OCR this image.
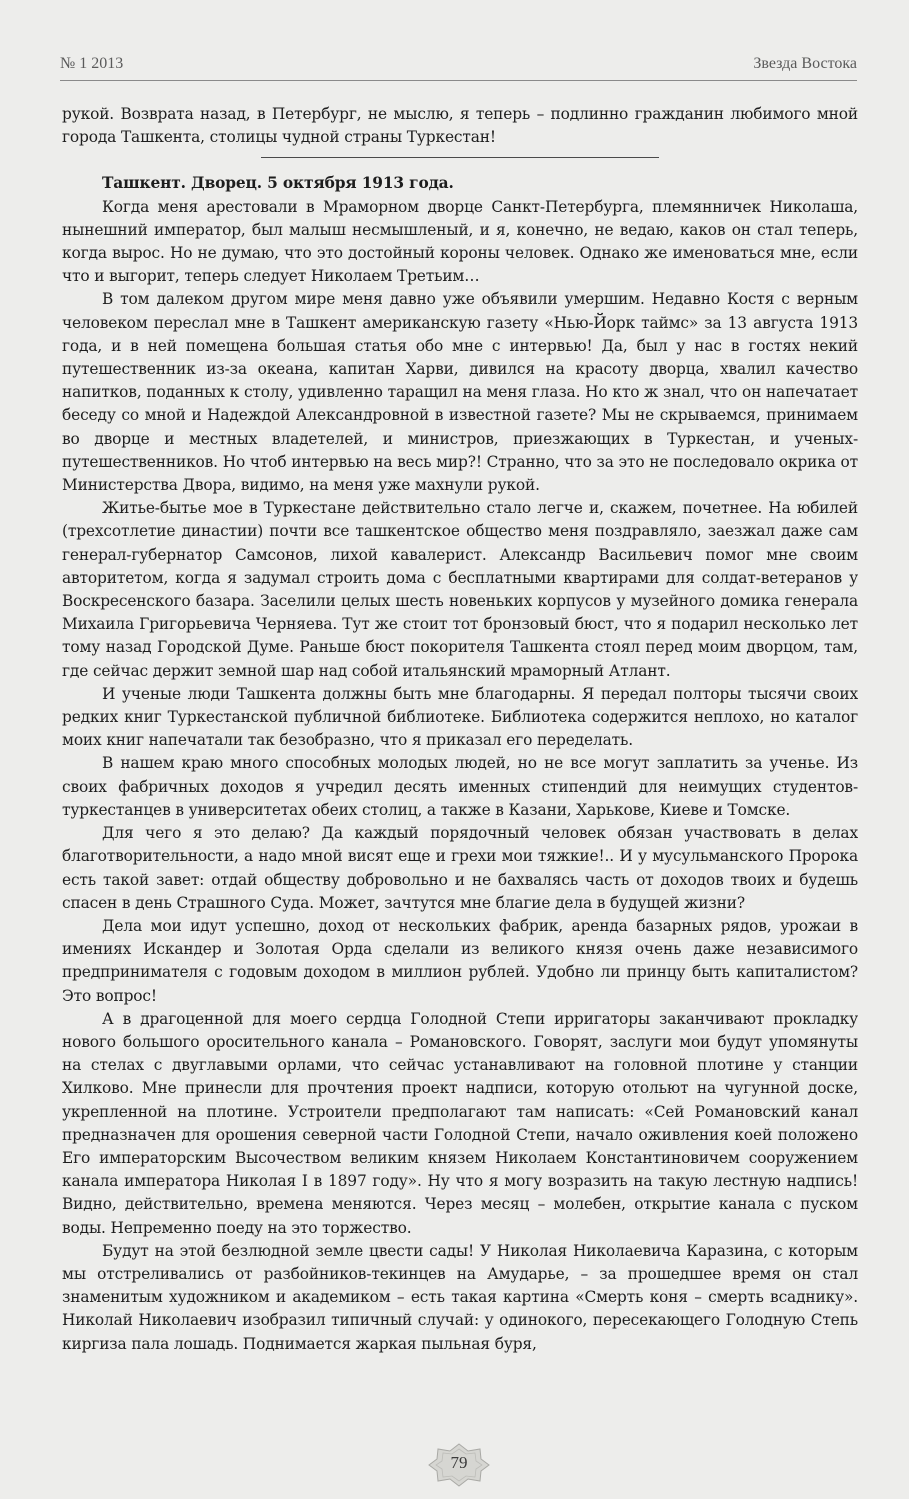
№ 1 2013	Звезда Востока

рукой. Возврата назад, в Петербург, не мыслю, я теперь – подлинно гражданин любимого мной города Ташкента, столицы чудной страны Туркестан!

Ташкент. Дворец. 5 октября 1913 года.

Когда меня арестовали в Мраморном дворце Санкт-Петербурга, племянничек Николаша, нынешний император, был малыш несмышленый, и я, конечно, не ведаю, каков он стал теперь, когда вырос. Но не думаю, что это достойный короны человек. Однако же именоваться мне, если что и выгорит, теперь следует Николаем Третьим…

В том далеком другом мире меня давно уже объявили умершим. Недавно Костя с верным человеком переслал мне в Ташкент американскую газету «Нью-Йорк таймс» за 13 августа 1913 года, и в ней помещена большая статья обо мне с интервью! Да, был у нас в гостях некий путешественник из-за океана, капитан Харви, дивился на красоту дворца, хвалил качество напитков, поданных к столу, удивленно таращил на меня глаза. Но кто ж знал, что он напечатает беседу со мной и Надеждой Александровной в известной газете? Мы не скрываемся, принимаем во дворце и местных владетелей, и министров, приезжающих в Туркестан, и ученых-путешественников. Но чтоб интервью на весь мир?! Странно, что за это не последовало окрика от Министерства Двора, видимо, на меня уже махнули рукой.

Житье-бытье мое в Туркестане действительно стало легче и, скажем, почетнее. На юбилей (трехсотлетие династии) почти все ташкентское общество меня поздравляло, заезжал даже сам генерал-губернатор Самсонов, лихой кавалерист. Александр Васильевич помог мне своим авторитетом, когда я задумал строить дома с бесплатными квартирами для солдат-ветеранов у Воскресенского базара. Заселили целых шесть новеньких корпусов у музейного домика генерала Михаила Григорьевича Черняева. Тут же стоит тот бронзовый бюст, что я подарил несколько лет тому назад Городской Думе. Раньше бюст покорителя Ташкента стоял перед моим дворцом, там, где сейчас держит земной шар над собой итальянский мраморный Атлант.

И ученые люди Ташкента должны быть мне благодарны. Я передал полторы тысячи своих редких книг Туркестанской публичной библиотеке. Библиотека содержится неплохо, но каталог моих книг напечатали так безобразно, что я приказал его переделать.

В нашем краю много способных молодых людей, но не все могут заплатить за ученье. Из своих фабричных доходов я учредил десять именных стипендий для неимущих студентов-туркестанцев в университетах обеих столиц, а также в Казани, Харькове, Киеве и Томске.

Для чего я это делаю? Да каждый порядочный человек обязан участвовать в делах благотворительности, а надо мной висят еще и грехи мои тяжкие!.. И у мусульманского Пророка есть такой завет: отдай обществу добровольно и не бахвалясь часть от доходов твоих и будешь спасен в день Страшного Суда. Может, зачтутся мне благие дела в будущей жизни?

Дела мои идут успешно, доход от нескольких фабрик, аренда базарных рядов, урожаи в имениях Искандер и Золотая Орда сделали из великого князя очень даже независимого предпринимателя с годовым доходом в миллион рублей. Удобно ли принцу быть капиталистом? Это вопрос!

А в драгоценной для моего сердца Голодной Степи ирригаторы заканчивают прокладку нового большого оросительного канала – Романовского. Говорят, заслуги мои будут упомянуты на стелах с двуглавыми орлами, что сейчас устанавливают на головной плотине у станции Хилково. Мне принесли для прочтения проект надписи, которую отольют на чугунной доске, укрепленной на плотине. Устроители предполагают там написать: «Сей Романовский канал предназначен для орошения северной части Голодной Степи, начало оживления коей положено Его императорским Высочеством великим князем Николаем Константиновичем сооружением канала императора Николая I в 1897 году». Ну что я могу возразить на такую лестную надпись! Видно, действительно, времена меняются. Через месяц – молебен, открытие канала с пуском воды. Непременно поеду на это торжество.

Будут на этой безлюдной земле цвести сады! У Николая Николаевича Каразина, с которым мы отстреливались от разбойников-текинцев на Амударье, – за прошедшее время он стал знаменитым художником и академиком – есть такая картина «Смерть коня – смерть всаднику». Николай Николаевич изобразил типичный случай: у одинокого, пересекающего Голодную Степь киргиза пала лошадь. Поднимается жаркая пыльная буря,

79
